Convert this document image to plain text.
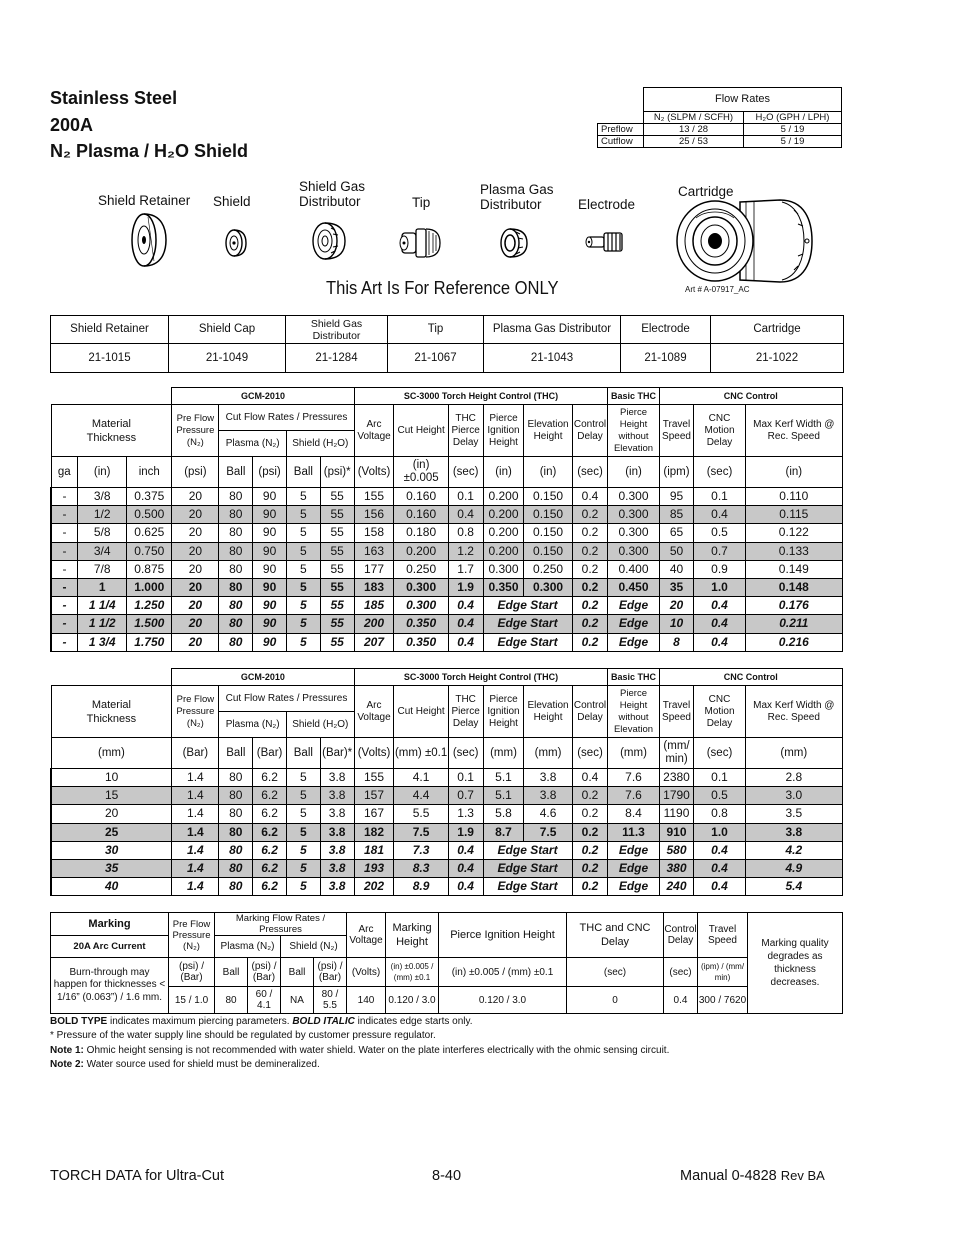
Stainless Steel
200A
N₂ Plasma / H₂O Shield
	Flow Rates	
	N₂ (SLPM / SCFH)	H₂O (GPH / LPH)
Preflow	13 / 28	5 / 19
Cutflow	25 / 53	5 / 19
Shield Retainer Shield
Shield Gas Distributor	Tip
Plasma Gas Distributor	Electrode
Cartridge
This Art Is For Reference ONLY	Art # A-07917_AC
Shield Retainer	Shield Cap	Shield Gas Distributor	Tip	Plasma Gas Distributor	Electrode	Cartridge
21-1015	21-1049	21-1284	21-1067	21-1043	21-1089	21-1022
			GCM-2010					SC-3000 Torch Height Control (THC)						Basic THC	CNC Control		
Material Thickness			Pre Flow Pressure (N₂)	Cut Flow Rates / Pressures				Arc Voltage	Cut Height	THC Pierce Delay	Pierce Ignition Height	Elevation Height	Control Delay	Pierce Height without Elevation	Travel Speed	CNC Motion Delay	Max Kerf Width @ Rec. Speed
				Plasma (N₂)		Shield (H₂O)											
ga	(in)	inch	(psi)	Ball	(psi)	Ball	(psi)*	(Volts)	(in) ±0.005	(sec)	(in)	(in)	(sec)	(in)	(ipm)	(sec)	(in)
-	3/8	0.375	20	80	90	5	55	155	0.160	0.1	0.200	0.150	0.4	0.300	95	0.1	0.110
-	1/2	0.500	20	80	90	5	55	156	0.160	0.4	0.200	0.150	0.2	0.300	85	0.4	0.115
-	5/8	0.625	20	80	90	5	55	158	0.180	0.8	0.200	0.150	0.2	0.300	65	0.5	0.122
-	3/4	0.750	20	80	90	5	55	163	0.200	1.2	0.200	0.150	0.2	0.300	50	0.7	0.133
-	7/8	0.875	20	80	90	5	55	177	0.250	1.7	0.300	0.250	0.2	0.400	40	0.9	0.149
-	1	1.000	20	80	90	5	55	183	0.300	1.9	0.350	0.300	0.2	0.450	35	1.0	0.148
-	1 1/4	1.250	20	80	90	5	55	185	0.300	0.4	Edge Start		0.2	Edge	20	0.4	0.176
-	1 1/2	1.500	20	80	90	5	55	200	0.350	0.4	Edge Start		0.2	Edge	10	0.4	0.211
-	1 3/4	1.750	20	80	90	5	55	207	0.350	0.4	Edge Start		0.2	Edge	8	0.4	0.216
	GCM-2010					SC-3000 Torch Height Control (THC)						Basic THC	CNC Control		
Material Thickness	Pre Flow Pressure (N₂)	Cut Flow Rates / Pressures				Arc Voltage	Cut Height	THC Pierce Delay	Pierce Ignition Height	Elevation Height	Control Delay	Pierce Height without Elevation	Travel Speed	CNC Motion Delay	Max Kerf Width @ Rec. Speed
		Plasma (N₂)		Shield (H₂O)											
(mm)	(Bar)	Ball	(Bar)	Ball	(Bar)*	(Volts)	(mm) ±0.1	(sec)	(mm)	(mm)	(sec)	(mm)	(mm/ min)	(sec)	(mm)
10	1.4	80	6.2	5	3.8	155	4.1	0.1	5.1	3.8	0.4	7.6	2380	0.1	2.8
15	1.4	80	6.2	5	3.8	157	4.4	0.7	5.1	3.8	0.2	7.6	1790	0.5	3.0
20	1.4	80	6.2	5	3.8	167	5.5	1.3	5.8	4.6	0.2	8.4	1190	0.8	3.5
25	1.4	80	6.2	5	3.8	182	7.5	1.9	8.7	7.5	0.2	11.3	910	1.0	3.8
30	1.4	80	6.2	5	3.8	181	7.3	0.4	Edge Start		0.2	Edge	580	0.4	4.2
35	1.4	80	6.2	5	3.8	193	8.3	0.4	Edge Start		0.2	Edge	380	0.4	4.9
40	1.4	80	6.2	5	3.8	202	8.9	0.4	Edge Start		0.2	Edge	240	0.4	5.4
Marking	Pre Flow Pressure (N₂)	Marking Flow Rates / Pressures				Arc Voltage	Marking Height	Pierce Ignition Height	THC and CNC Delay	Control Delay	Travel Speed	Marking quality degrades as thickness decreases.
20A Arc Current		Plasma (N₂)		Shield (N₂)								
Burn-through may happen for thicknesses < 1/16” (0.063”) / 1.6 mm.	(psi) / (Bar)	Ball	(psi) / (Bar)	Ball	(psi) / (Bar)	(Volts)	(in) ±0.005 / (mm) ±0.1	(in) ±0.005 / (mm) ±0.1	(sec)	(sec)	(ipm) / (mm/ min)	
	15 / 1.0	80	60 / 4.1	NA	80 / 5.5	140	0.120 / 3.0	0.120 / 3.0	0	0.4	300 / 7620	

BOLD TYPE indicates maximum piercing parameters. BOLD ITALIC indicates edge starts only.

* Pressure of the water supply line should be regulated by customer pressure regulator.

Note 1: Ohmic height sensing is not recommended with water shield. Water on the plate interferes electrically with the ohmic sensing circuit.

Note 2: Water source used for shield must be demineralized.

TORCH DATA for Ultra-Cut	8-40	Manual 0-4828 Rev BA
